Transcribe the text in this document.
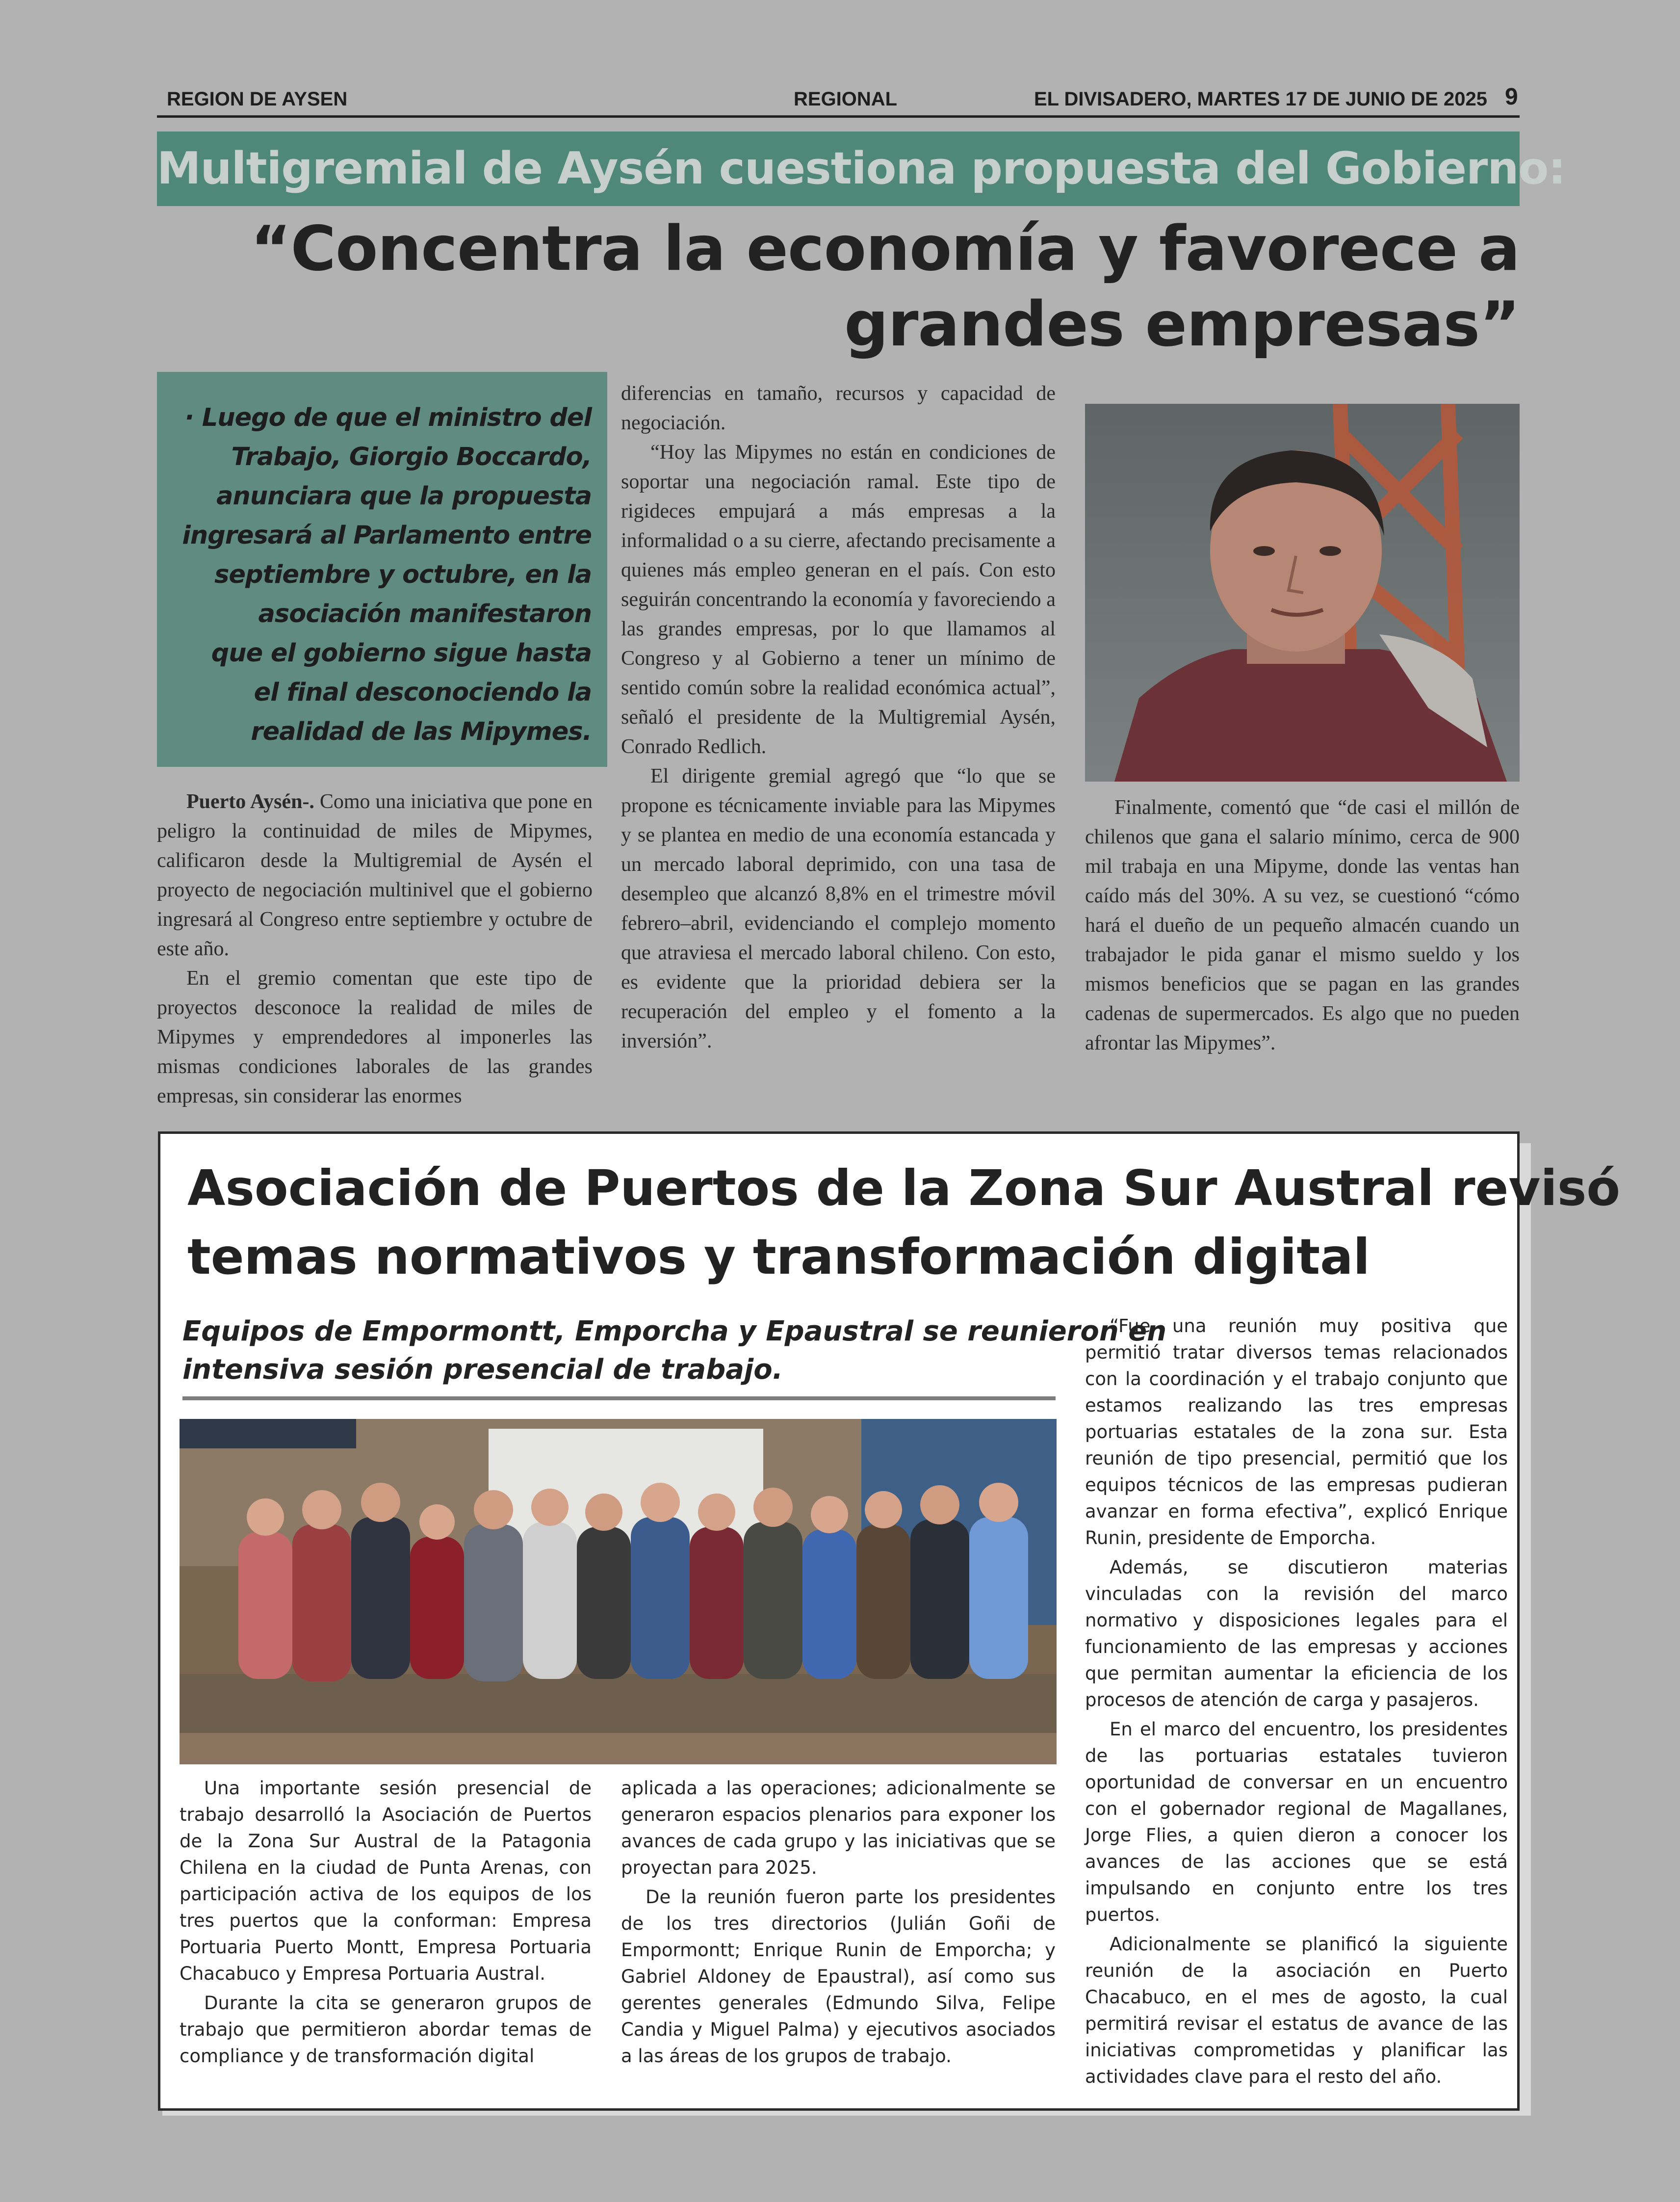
REGION DE AYSEN	REGIONAL	EL DIVISADERO, MARTES 17 DE JUNIO DE 2025 9
Multigremial de Aysén cuestiona propuesta del Gobierno:
“Concentra la economía y favorece a
grandes empresas”
· Luego de que el ministro del
Trabajo, Giorgio Boccardo,
anunciara que la propuesta
ingresará al Parlamento entre
septiembre y octubre, en la
asociación manifestaron
que el gobierno sigue hasta
el final desconociendo la
realidad de las Mipymes.

Puerto Aysén-. Como una iniciativa que pone en peligro la continuidad de miles de Mipymes, calificaron desde la Multigremial de Aysén el proyecto de negociación multinivel que el gobierno ingresará al Congreso entre septiembre y octubre de este año.

En el gremio comentan que este tipo de proyectos desconoce la realidad de miles de Mipymes y emprendedores al imponerles las mismas condiciones laborales de las grandes empresas, sin considerar las enormes

diferencias en tamaño, recursos y capacidad de negociación.

“Hoy las Mipymes no están en condiciones de soportar una negociación ramal. Este tipo de rigideces empujará a más empresas a la informalidad o a su cierre, afectando precisamente a quienes más empleo generan en el país. Con esto seguirán concentrando la economía y favoreciendo a las grandes empresas, por lo que llamamos al Congreso y al Gobierno a tener un mínimo de sentido común sobre la realidad económica actual”, señaló el presidente de la Multigremial Aysén, Conrado Redlich.

El dirigente gremial agregó que “lo que se propone es técnicamente inviable para las Mipymes y se plantea en medio de una economía estancada y un mercado laboral deprimido, con una tasa de desempleo que alcanzó 8,8% en el trimestre móvil febrero–abril, evidenciando el complejo momento que atraviesa el mercado laboral chileno. Con esto, es evidente que la prioridad debiera ser la recuperación del empleo y el fomento a la inversión”.

Finalmente, comentó que “de casi el millón de chilenos que gana el salario mínimo, cerca de 900 mil trabaja en una Mipyme, donde las ventas han caído más del 30%. A su vez, se cuestionó “cómo hará el dueño de un pequeño almacén cuando un trabajador le pida ganar el mismo sueldo y los mismos beneficios que se pagan en las grandes cadenas de supermercados. Es algo que no pueden afrontar las Mipymes”.

Asociación de Puertos de la Zona Sur Austral revisó
temas normativos y transformación digital
Equipos de Empormontt, Emporcha y Epaustral se reunieron en
intensiva sesión presencial de trabajo.

Una importante sesión presencial de trabajo desarrolló la Asociación de Puertos de la Zona Sur Austral de la Patagonia Chilena en la ciudad de Punta Arenas, con participación activa de los equipos de los tres puertos que la conforman: Empresa Portuaria Puerto Montt, Empresa Portuaria Chacabuco y Empresa Portuaria Austral.

Durante la cita se generaron grupos de trabajo que permitieron abordar temas de compliance y de transformación digital

aplicada a las operaciones; adicionalmente se generaron espacios plenarios para exponer los avances de cada grupo y las iniciativas que se proyectan para 2025.

De la reunión fueron parte los presidentes de los tres directorios (Julián Goñi de Empormontt; Enrique Runin de Emporcha; y Gabriel Aldoney de Epaustral), así como sus gerentes generales (Edmundo Silva, Felipe Candia y Miguel Palma) y ejecutivos asociados a las áreas de los grupos de trabajo.

“Fue una reunión muy positiva que permitió tratar diversos temas relacionados con la coordinación y el trabajo conjunto que estamos realizando las tres empresas portuarias estatales de la zona sur. Esta reunión de tipo presencial, permitió que los equipos técnicos de las empresas pudieran avanzar en forma efectiva”, explicó Enrique Runin, presidente de Emporcha.

Además, se discutieron materias vinculadas con la revisión del marco normativo y disposiciones legales para el funcionamiento de las empresas y acciones que permitan aumentar la eficiencia de los procesos de atención de carga y pasajeros.

En el marco del encuentro, los presidentes de las portuarias estatales tuvieron oportunidad de conversar en un encuentro con el gobernador regional de Magallanes, Jorge Flies, a quien dieron a conocer los avances de las acciones que se está impulsando en conjunto entre los tres puertos.

Adicionalmente se planificó la siguiente reunión de la asociación en Puerto Chacabuco, en el mes de agosto, la cual permitirá revisar el estatus de avance de las iniciativas comprometidas y planificar las actividades clave para el resto del año.
